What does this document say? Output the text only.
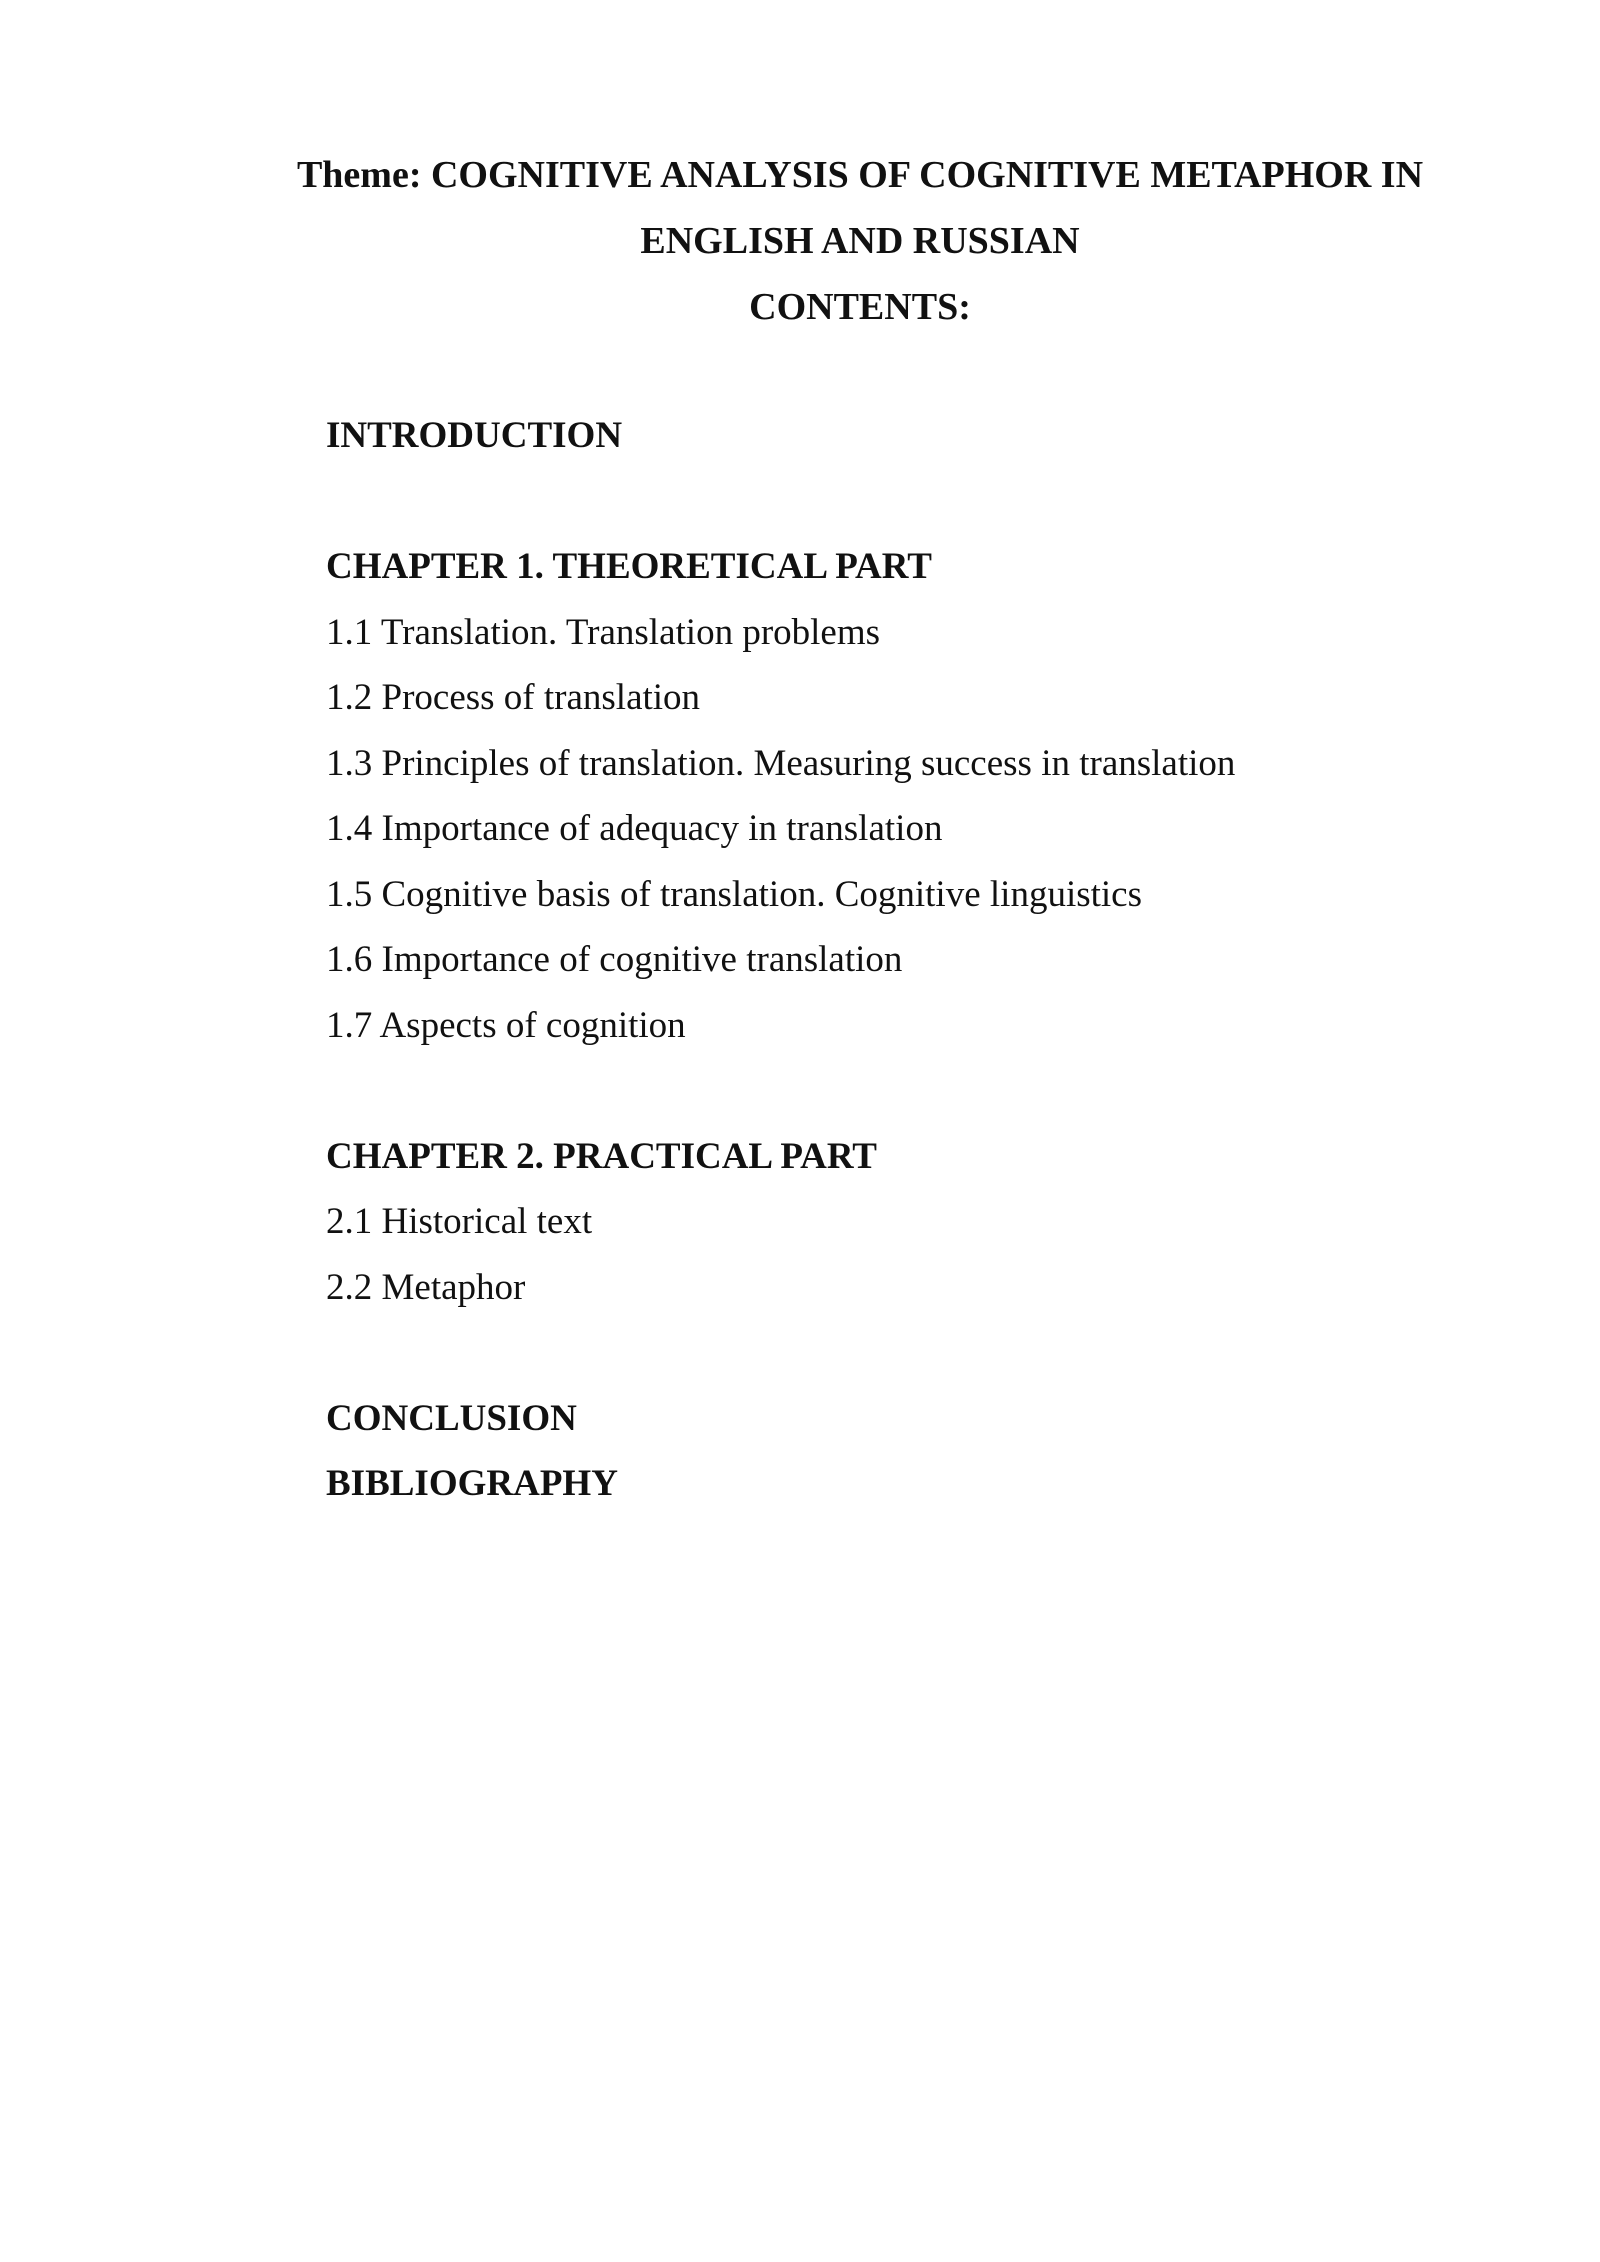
Theme: COGNITIVE ANALYSIS OF COGNITIVE METAPHOR IN
ENGLISH AND RUSSIAN
CONTENTS:
INTRODUCTION
CHAPTER 1. THEORETICAL PART
1.1 Translation. Translation problems
1.2 Process of translation
1.3 Principles of translation. Measuring success in translation
1.4 Importance of adequacy in translation
1.5 Cognitive basis of translation. Cognitive linguistics
1.6 Importance of cognitive translation
1.7 Aspects of cognition
CHAPTER 2. PRACTICAL PART
2.1 Historical text
2.2 Metaphor
CONCLUSION
BIBLIOGRAPHY
